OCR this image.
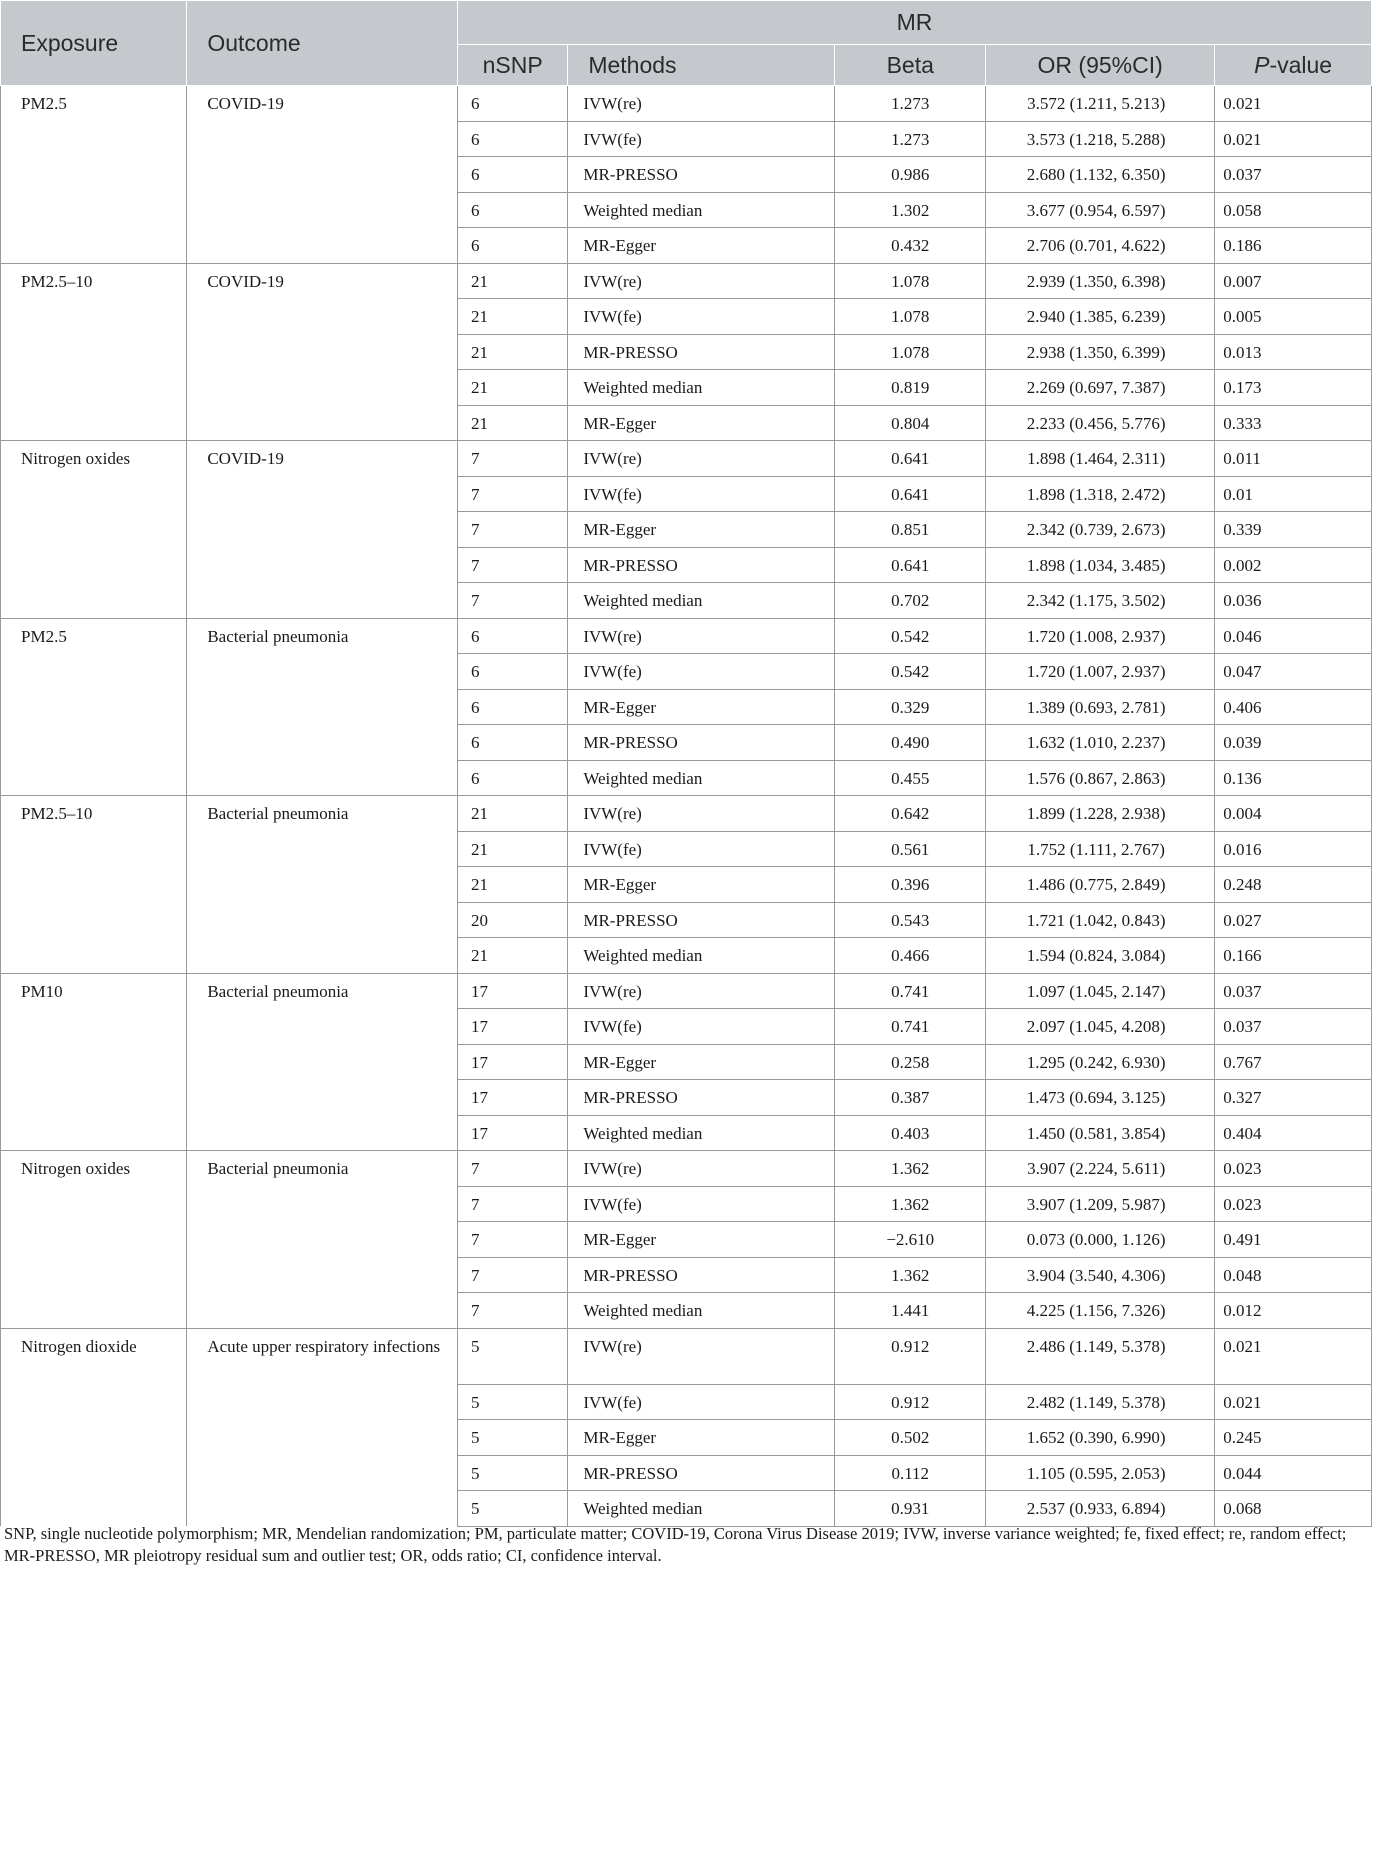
Exposure	Outcome	MR				
		nSNP	Methods	Beta	OR (95%CI)	P-value

PM2.5	COVID-19	6	IVW(re)	1.273	3.572 (1.211, 5.213)	0.021

		6	IVW(fe)	1.273	3.573 (1.218, 5.288)	0.021

		6	MR-PRESSO	0.986	2.680 (1.132, 6.350)	0.037

		6	Weighted median	1.302	3.677 (0.954, 6.597)	0.058

		6	MR-Egger	0.432	2.706 (0.701, 4.622)	0.186

PM2.5–10	COVID-19	21	IVW(re)	1.078	2.939 (1.350, 6.398)	0.007

		21	IVW(fe)	1.078	2.940 (1.385, 6.239)	0.005

		21	MR-PRESSO	1.078	2.938 (1.350, 6.399)	0.013

		21	Weighted median	0.819	2.269 (0.697, 7.387)	0.173

		21	MR-Egger	0.804	2.233 (0.456, 5.776)	0.333

Nitrogen oxides	COVID-19	7	IVW(re)	0.641	1.898 (1.464, 2.311)	0.011

		7	IVW(fe)	0.641	1.898 (1.318, 2.472)	0.01

		7	MR-Egger	0.851	2.342 (0.739, 2.673)	0.339

		7	MR-PRESSO	0.641	1.898 (1.034, 3.485)	0.002

		7	Weighted median	0.702	2.342 (1.175, 3.502)	0.036

PM2.5	Bacterial pneumonia	6	IVW(re)	0.542	1.720 (1.008, 2.937)	0.046

		6	IVW(fe)	0.542	1.720 (1.007, 2.937)	0.047

		6	MR-Egger	0.329	1.389 (0.693, 2.781)	0.406

		6	MR-PRESSO	0.490	1.632 (1.010, 2.237)	0.039

		6	Weighted median	0.455	1.576 (0.867, 2.863)	0.136

PM2.5–10	Bacterial pneumonia	21	IVW(re)	0.642	1.899 (1.228, 2.938)	0.004

		21	IVW(fe)	0.561	1.752 (1.111, 2.767)	0.016

		21	MR-Egger	0.396	1.486 (0.775, 2.849)	0.248

		20	MR-PRESSO	0.543	1.721 (1.042, 0.843)	0.027

		21	Weighted median	0.466	1.594 (0.824, 3.084)	0.166

PM10	Bacterial pneumonia	17	IVW(re)	0.741	1.097 (1.045, 2.147)	0.037

		17	IVW(fe)	0.741	2.097 (1.045, 4.208)	0.037

		17	MR-Egger	0.258	1.295 (0.242, 6.930)	0.767

		17	MR-PRESSO	0.387	1.473 (0.694, 3.125)	0.327

		17	Weighted median	0.403	1.450 (0.581, 3.854)	0.404

Nitrogen oxides	Bacterial pneumonia	7	IVW(re)	1.362	3.907 (2.224, 5.611)	0.023

		7	IVW(fe)	1.362	3.907 (1.209, 5.987)	0.023

		7	MR-Egger	−2.610	0.073 (0.000, 1.126)	0.491

		7	MR-PRESSO	1.362	3.904 (3.540, 4.306)	0.048

		7	Weighted median	1.441	4.225 (1.156, 7.326)	0.012

Nitrogen dioxide	Acute upper respiratory infections	5	IVW(re)	0.912	2.486 (1.149, 5.378)	0.021

		5	IVW(fe)	0.912	2.482 (1.149, 5.378)	0.021

		5	MR-Egger	0.502	1.652 (0.390, 6.990)	0.245

		5	MR-PRESSO	0.112	1.105 (0.595, 2.053)	0.044

		5	Weighted median	0.931	2.537 (0.933, 6.894)	0.068

SNP, single nucleotide polymorphism; MR, Mendelian randomization; PM, particulate matter; COVID-19, Corona Virus Disease 2019; IVW, inverse variance weighted; fe, fixed effect; re, random effect; MR-PRESSO, MR pleiotropy residual sum and outlier test; OR, odds ratio; CI, confidence interval.
